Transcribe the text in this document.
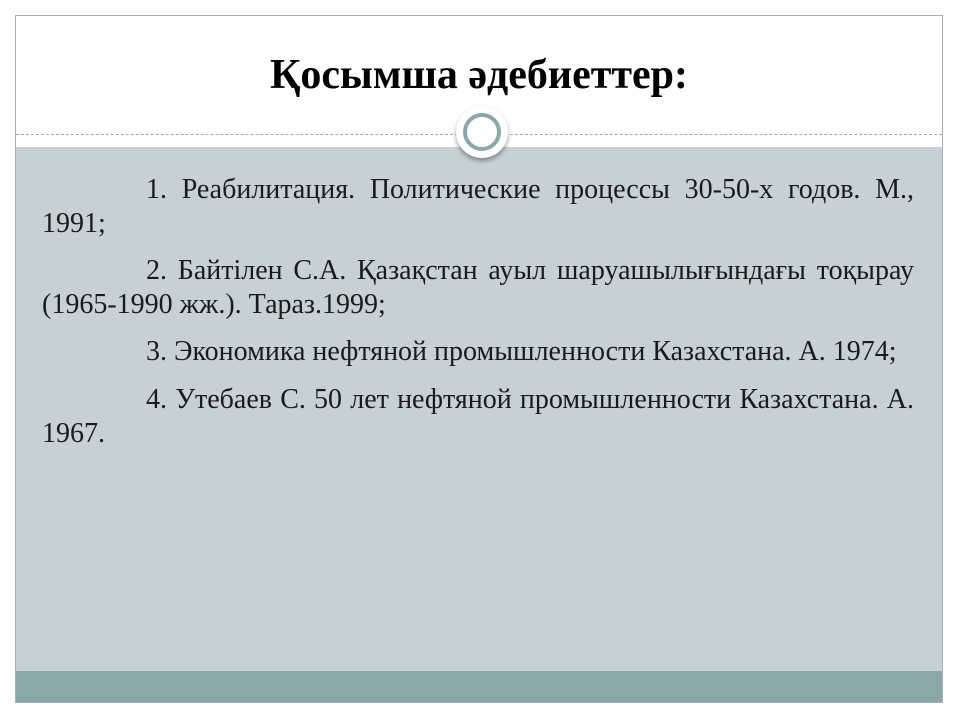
Қосымша әдебиеттер:
1. Реабилитация. Политические процессы 30-50-х годов. М., 1991;
2. Байтілен С.А. Қазақстан ауыл шаруашылығындағы тоқырау (1965-1990 жж.). Тараз.1999;
3. Экономика нефтяной промышленности Казахстана. А. 1974;
4. Утебаев С. 50 лет нефтяной промышленности Казахстана. А. 1967.
